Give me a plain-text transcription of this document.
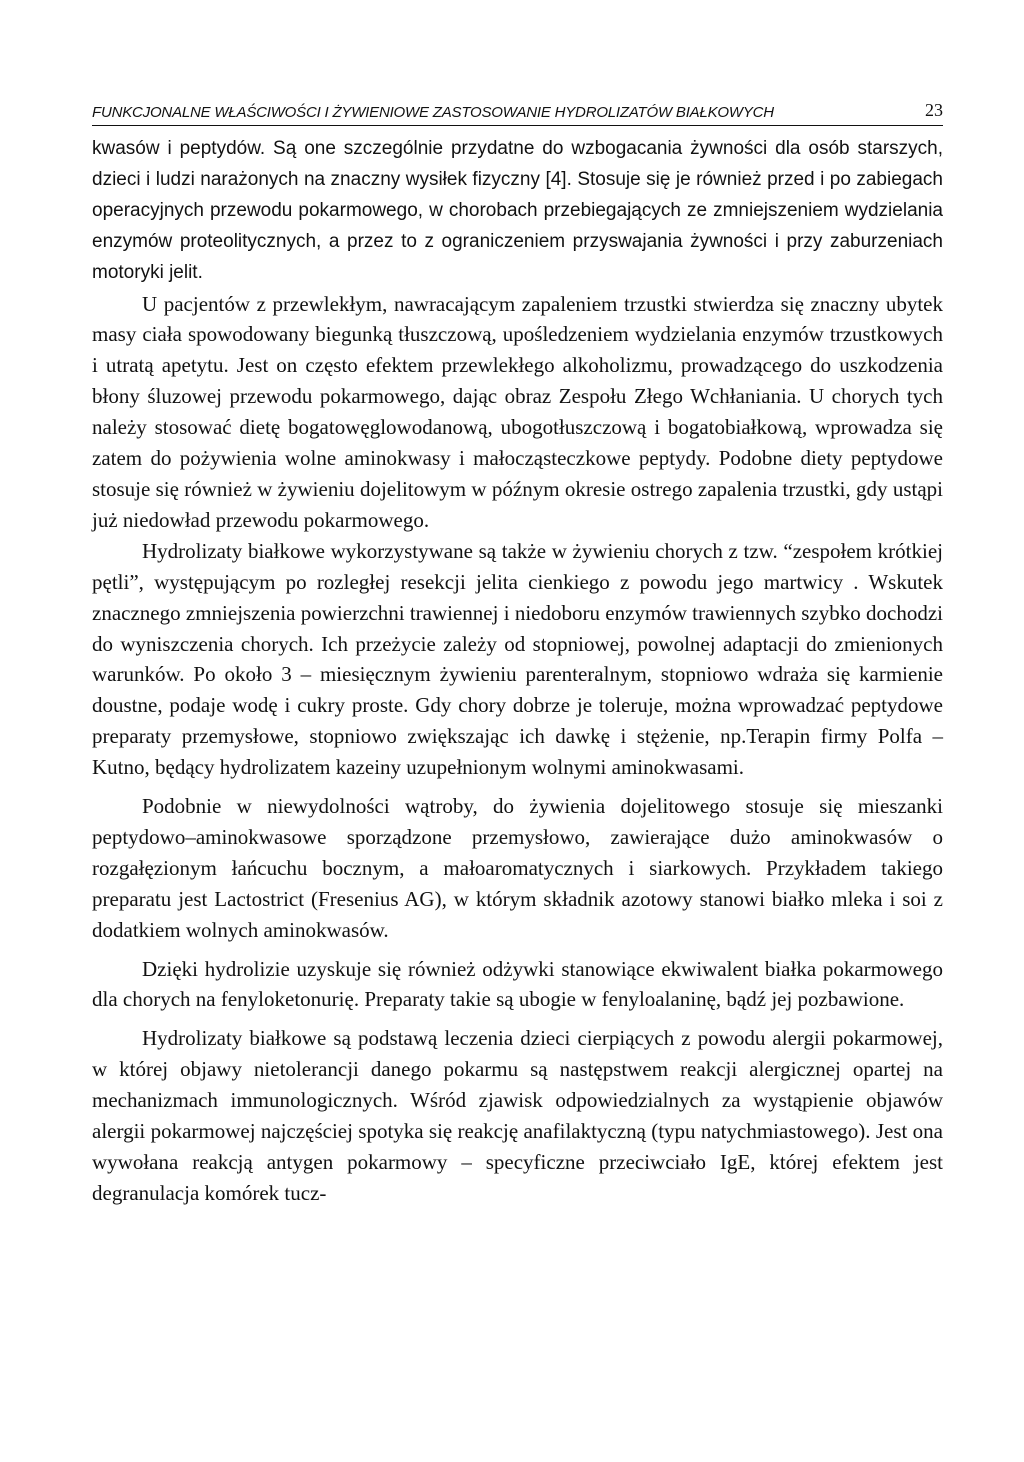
FUNKCJONALNE WŁAŚCIWOŚCI I ŻYWIENIOWE ZASTOSOWANIE HYDROLIZATÓW BIAŁKOWYCH	23

kwasów i peptydów. Są one szczególnie przydatne do wzbogacania żywności dla osób starszych, dzieci i ludzi narażonych na znaczny wysiłek fizyczny [4]. Stosuje się je również przed i po zabiegach operacyjnych przewodu pokarmowego, w chorobach przebiegających ze zmniejszeniem wydzielania enzymów proteolitycznych, a przez to z ograniczeniem przyswajania żywności i przy zaburzeniach motoryki jelit.

U pacjentów z przewlekłym, nawracającym zapaleniem trzustki stwierdza się znaczny ubytek masy ciała spowodowany biegunką tłuszczową, upośledzeniem wydzielania enzymów trzustkowych i utratą apetytu. Jest on często efektem przewlekłego alkoholizmu, prowadzącego do uszkodzenia błony śluzowej przewodu pokarmowego, dając obraz Zespołu Złego Wchłaniania. U chorych tych należy stosować dietę bogatowęglowodanową, ubogotłuszczową i bogatobiałkową, wprowadza się zatem do pożywienia wolne aminokwasy i małocząsteczkowe peptydy. Podobne diety peptydowe stosuje się również w żywieniu dojelitowym w późnym okresie ostrego zapalenia trzustki, gdy ustąpi już niedowład przewodu pokarmowego.

Hydrolizaty białkowe wykorzystywane są także w żywieniu chorych z tzw. “zespołem krótkiej pętli”, występującym po rozległej resekcji jelita cienkiego z powodu jego martwicy . Wskutek znacznego zmniejszenia powierzchni trawiennej i niedoboru enzymów trawiennych szybko dochodzi do wyniszczenia chorych. Ich przeżycie zależy od stopniowej, powolnej adaptacji do zmienionych warunków. Po około 3 – miesięcznym żywieniu parenteralnym, stopniowo wdraża się karmienie doustne, podaje wodę i cukry proste. Gdy chory dobrze je toleruje, można wprowadzać peptydowe preparaty przemysłowe, stopniowo zwiększając ich dawkę i stężenie, np.Terapin firmy Polfa – Kutno, będący hydrolizatem kazeiny uzupełnionym wolnymi aminokwasami.

Podobnie w niewydolności wątroby, do żywienia dojelitowego stosuje się mieszanki peptydowo–aminokwasowe sporządzone przemysłowo, zawierające dużo aminokwasów o rozgałęzionym łańcuchu bocznym, a małoaromatycznych i siarkowych. Przykładem takiego preparatu jest Lactostrict (Fresenius AG), w którym składnik azotowy stanowi białko mleka i soi z dodatkiem wolnych aminokwasów.

Dzięki hydrolizie uzyskuje się również odżywki stanowiące ekwiwalent białka pokarmowego dla chorych na fenyloketonurię. Preparaty takie są ubogie w fenyloalaninę, bądź jej pozbawione.

Hydrolizaty białkowe są podstawą leczenia dzieci cierpiących z powodu alergii pokarmowej, w której objawy nietolerancji danego pokarmu są następstwem reakcji alergicznej opartej na mechanizmach immunologicznych. Wśród zjawisk odpowiedzialnych za wystąpienie objawów alergii pokarmowej najczęściej spotyka się reakcję anafilaktyczną (typu natychmiastowego). Jest ona wywołana reakcją antygen pokarmowy – specyficzne przeciwciało IgE, której efektem jest degranulacja komórek tucz-
